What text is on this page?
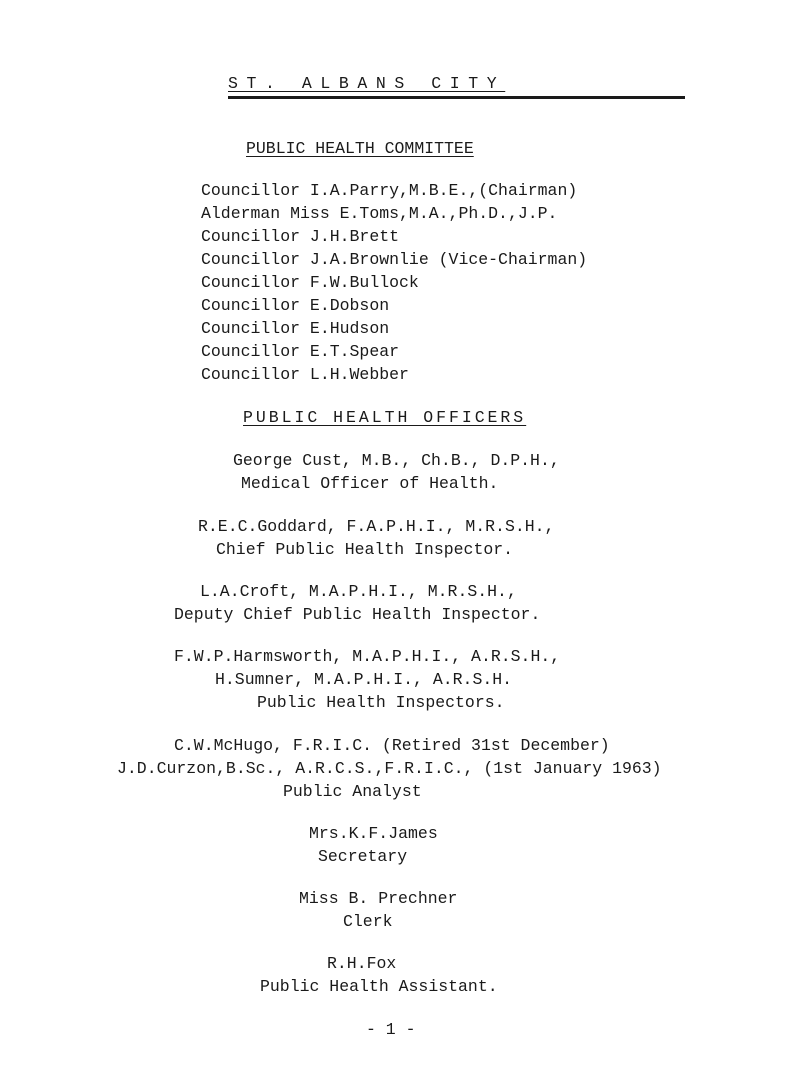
ST. ALBANS CITY
PUBLIC HEALTH COMMITTEE
Councillor I.A.Parry,M.B.E.,(Chairman)
Alderman Miss E.Toms,M.A.,Ph.D.,J.P.
Councillor J.H.Brett
Councillor J.A.Brownlie (Vice-Chairman)
Councillor F.W.Bullock
Councillor E.Dobson
Councillor E.Hudson
Councillor E.T.Spear
Councillor L.H.Webber
PUBLIC HEALTH OFFICERS
George Cust, M.B., Ch.B., D.P.H.,
Medical Officer of Health.
R.E.C.Goddard, F.A.P.H.I., M.R.S.H.,
Chief Public Health Inspector.
L.A.Croft, M.A.P.H.I., M.R.S.H.,
Deputy Chief Public Health Inspector.
F.W.P.Harmsworth, M.A.P.H.I., A.R.S.H.,
H.Sumner, M.A.P.H.I., A.R.S.H.
Public Health Inspectors.
C.W.McHugo, F.R.I.C. (Retired 31st December)
J.D.Curzon,B.Sc., A.R.C.S.,F.R.I.C., (1st January 1963)
Public Analyst
Mrs.K.F.James
Secretary
Miss B. Prechner
Clerk
R.H.Fox
Public Health Assistant.
- 1 -
